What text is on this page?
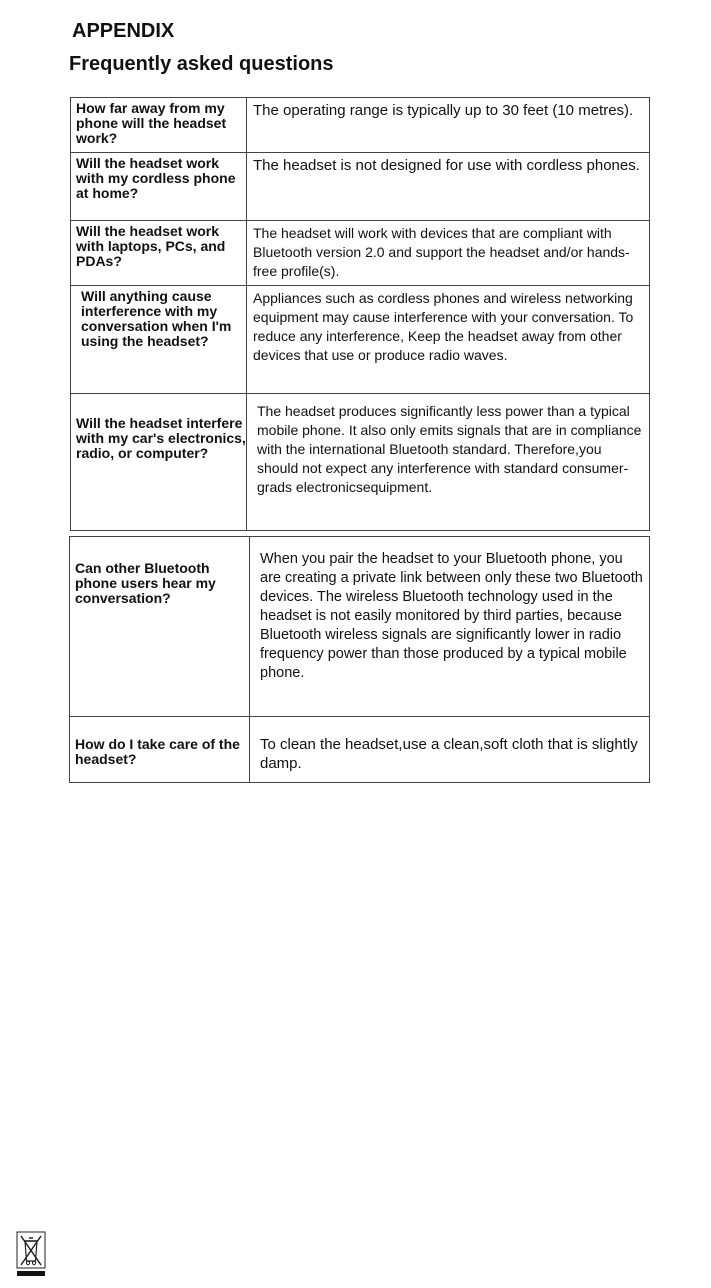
APPENDIX
Frequently asked questions
How far away from my phone will the headset work?
The operating range is typically up to 30 feet (10 metres).
Will the headset work with my cordless phone at home?
The headset is not designed for use with cordless phones.
Will the headset work with laptops, PCs, and PDAs?
The headset will work with devices that are compliant with Bluetooth version 2.0 and support the headset and/or hands-free profile(s).
Will anything cause interference with my conversation when I'm using the headset?
Appliances such as cordless phones and wireless networking equipment may cause interference with your conversation. To reduce any interference, Keep the headset away from other devices that use or produce radio waves.
Will the headset interfere with my car's electronics, radio, or computer?
The headset produces significantly less power than a typical mobile phone. It also only emits signals that are in compliance with the international Bluetooth standard. Therefore,you should not expect any interference with standard consumer-grads electronicsequipment.
Can other Bluetooth phone users hear my conversation?
When you pair the headset to your Bluetooth phone, you are creating a private link between only these two Bluetooth devices. The wireless Bluetooth technology used in the headset is not easily monitored by third parties, because Bluetooth wireless signals are significantly lower in radio frequency power than those produced by a typical mobile phone.
How do I take care of the headset?
To clean the headset,use a clean,soft cloth that is slightly damp.
